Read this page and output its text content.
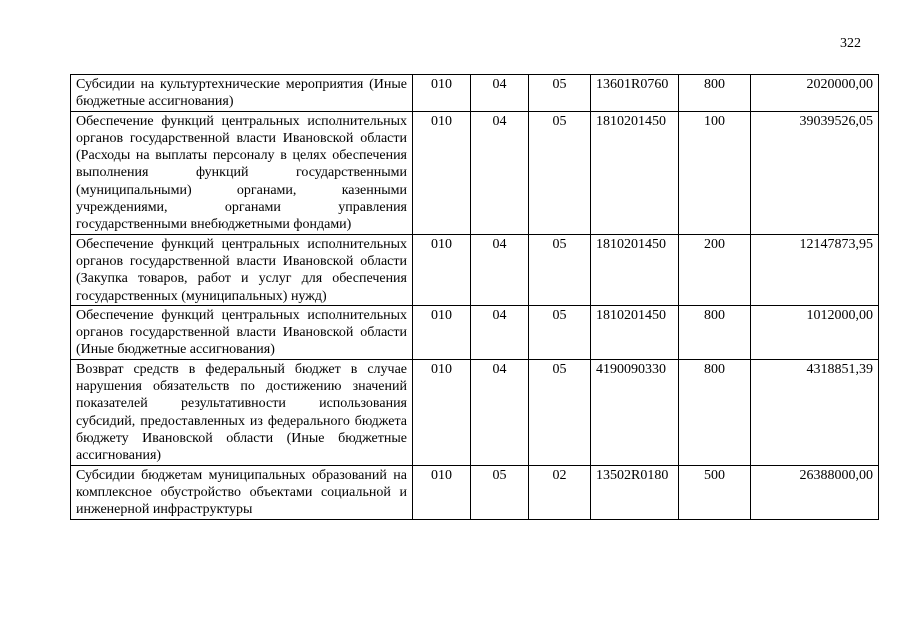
322
Субсидии на культуртехнические мероприятия (Иные бюджетные ассигнования)	010	04	05	13601R0760	800	2020000,00
Обеспечение функций центральных исполнительных органов государственной власти Ивановской области (Расходы на выплаты персоналу в целях обеспечения выполнения функций государственными (муниципальными) органами, казенными учреждениями, органами управления государственными внебюджетными фондами)	010	04	05	1810201450	100	39039526,05
Обеспечение функций центральных исполнительных органов государственной власти Ивановской области (Закупка товаров, работ и услуг для обеспечения государственных (муниципальных) нужд)	010	04	05	1810201450	200	12147873,95
Обеспечение функций центральных исполнительных органов государственной власти Ивановской области (Иные бюджетные ассигнования)	010	04	05	1810201450	800	1012000,00
Возврат средств в федеральный бюджет в случае нарушения обязательств по достижению значений показателей результативности использования субсидий, предоставленных из федерального бюджета бюджету Ивановской области (Иные бюджетные ассигнования)	010	04	05	4190090330	800	4318851,39

Субсидии бюджетам муниципальных образований на комплексное обустройство объектами социальной и инженерной инфраструктуры	010	05	02	13502R0180	500	26388000,00
